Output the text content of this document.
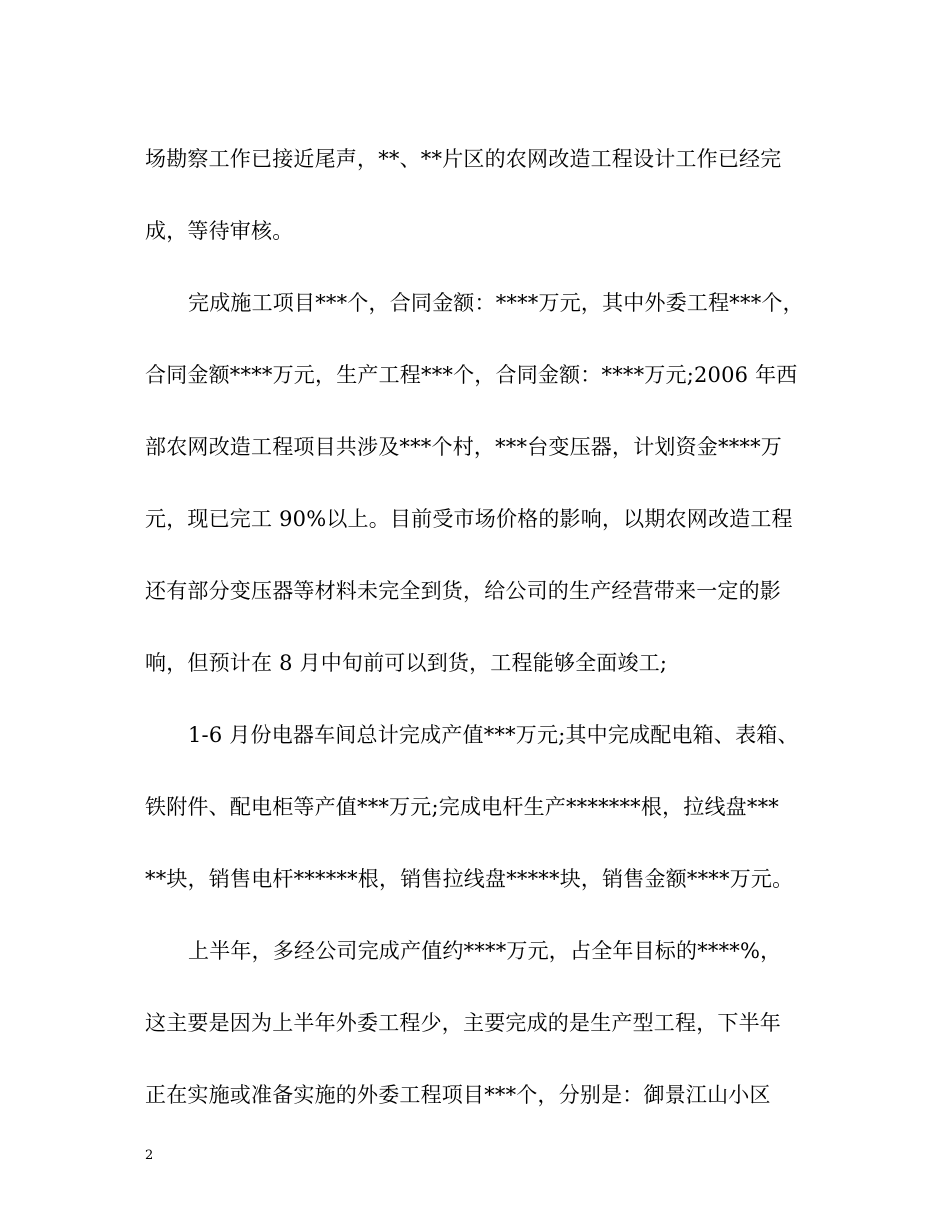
场勘察工作已接近尾声，**、**片区的农网改造工程设计工作已经完
成，等待审核。
完成施工项目***个，合同金额：****万元，其中外委工程***个，
合同金额****万元，生产工程***个，合同金额：****万元;2006 年西
部农网改造工程项目共涉及***个村，***台变压器，计划资金****万
元，现已完工 90%以上。目前受市场价格的影响，以期农网改造工程
还有部分变压器等材料未完全到货，给公司的生产经营带来一定的影
响，但预计在 8 月中旬前可以到货，工程能够全面竣工;
1-6 月份电器车间总计完成产值***万元;其中完成配电箱、表箱、
铁附件、配电柜等产值***万元;完成电杆生产*******根，拉线盘***
**块，销售电杆******根，销售拉线盘*****块，销售金额****万元。
上半年，多经公司完成产值约****万元，占全年目标的****%，
这主要是因为上半年外委工程少，主要完成的是生产型工程，下半年
正在实施或准备实施的外委工程项目***个，分别是：御景江山小区
2
